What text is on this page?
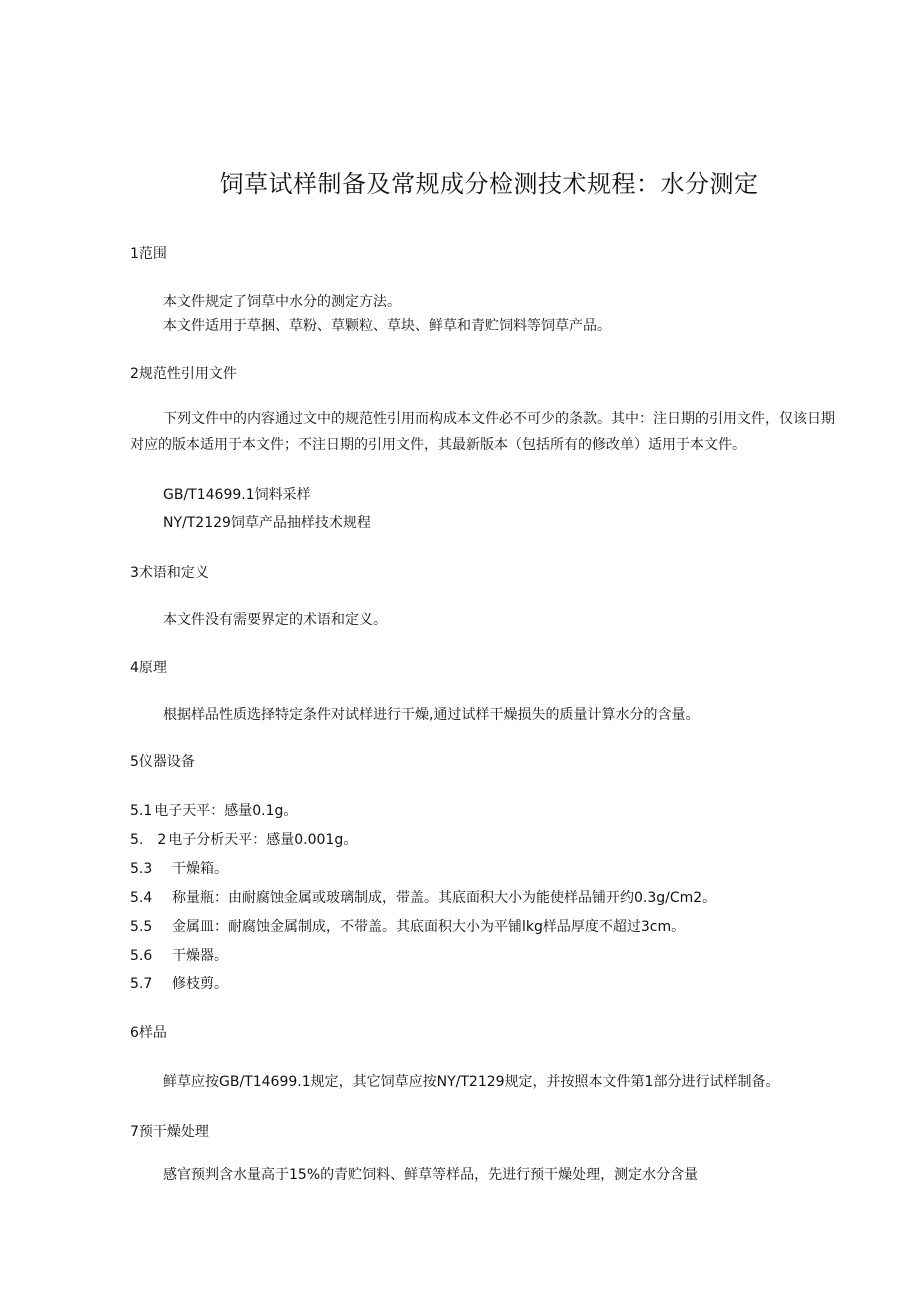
饲草试样制备及常规成分检测技术规程：水分测定
1范围
本文件规定了饲草中水分的测定方法。
本文件适用于草捆、草粉、草颗粒、草块、鲜草和青贮饲料等饲草产品。
2规范性引用文件

下列文件中的内容通过文中的规范性引用而构成本文件必不可少的条款。其中：注日期的引用文件，仅该日期对应的版本适用于本文件；不注日期的引用文件，其最新版本（包括所有的修改单）适用于本文件。

GB/T14699.1饲料采样
NY/T2129饲草产品抽样技术规程
3术语和定义
本文件没有需要界定的术语和定义。
4原理
根据样品性质选择特定条件对试样进行干燥,通过试样干燥损失的质量计算水分的含量。
5仪器设备
5.1 电子天平：感量0.1g。
5.　2 电子分析天平：感量0.001g。
5.3 干燥箱。
5.4 称量瓶：由耐腐蚀金属或玻璃制成，带盖。其底面积大小为能使样品铺开约0.3g/Cm2。
5.5 金属皿：耐腐蚀金属制成，不带盖。其底面积大小为平铺lkg样品厚度不超过3cm。
5.6 干燥器。
5.7 修枝剪。
6样品
鲜草应按GB/T14699.1规定，其它饲草应按NY/T2129规定，并按照本文件第1部分进行试样制备。
7预干燥处理
感官预判含水量高于15%的青贮饲料、鲜草等样品，先进行预干燥处理，测定水分含量
